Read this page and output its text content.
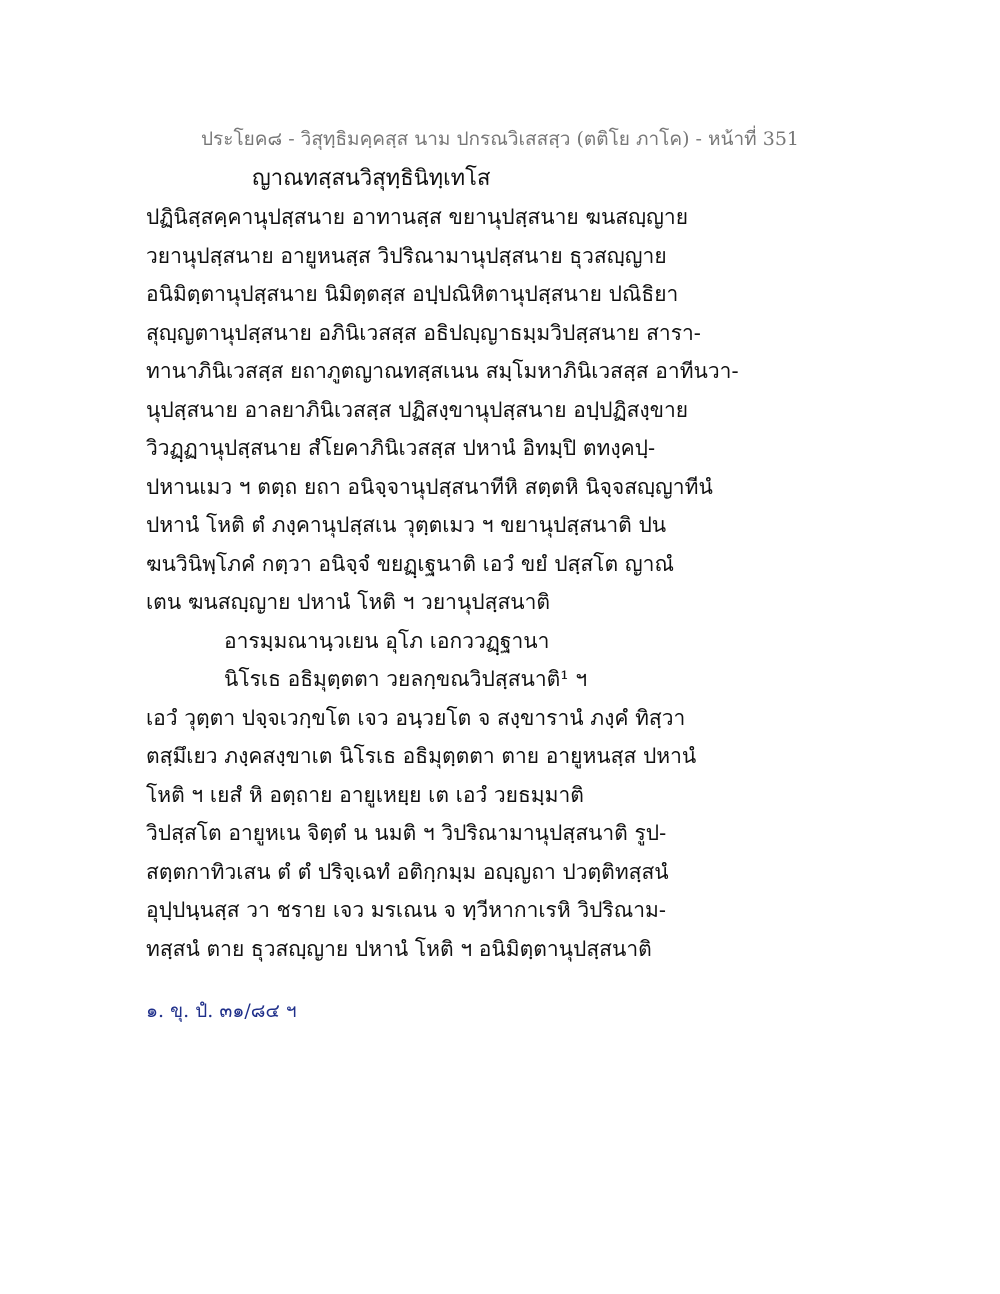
ประโยค๘ - วิสุทฺธิมคฺคสฺส นาม ปกรณวิเสสสฺว (ตติโย ภาโค) - หน้าที่ 351
ญาณทสฺสนวิสุทฺธินิทฺเทโส
ปฏินิสฺสคฺคานุปสฺสนาย อาทานสฺส ขยานุปสฺสนาย ฆนสญฺญาย
วยานุปสฺสนาย อายูหนสฺส วิปริณามานุปสฺสนาย ธุวสญฺญาย
อนิมิตฺตานุปสฺสนาย นิมิตฺตสฺส อปฺปณิหิตานุปสฺสนาย ปณิธิยา
สุญฺญตานุปสฺสนาย อภินิเวสสฺส อธิปญฺญาธมฺมวิปสฺสนาย สารา-
ทานาภินิเวสสฺส ยถาภูตญาณทสฺสเนน สมฺโมหาภินิเวสสฺส อาทีนวา-
นุปสฺสนาย อาลยาภินิเวสสฺส ปฏิสงฺขานุปสฺสนาย อปฺปฏิสงฺขาย
วิวฏฺฏานุปสฺสนาย สํโยคาภินิเวสสฺส ปหานํ อิทมฺปิ ตทงฺคปฺ-
ปหานเมว ฯ ตตฺถ ยถา อนิจฺจานุปสฺสนาทีหิ สตฺตหิ นิจฺจสญฺญาทีนํ
ปหานํ โหติ ตํ ภงฺคานุปสฺสเน วุตฺตเมว ฯ ขยานุปสฺสนาติ ปน
ฆนวินิพฺโภคํ กตฺวา อนิจฺจํ ขยฏฺเฐนาติ เอวํ ขยํ ปสฺสโต ญาณํ
เตน ฆนสญฺญาย ปหานํ โหติ ฯ วยานุปสฺสนาติ
อารมฺมณานฺวเยน อุโภ เอกววฏฺฐานา
นิโรเธ อธิมุตฺตตา วยลกฺขณวิปสฺสนาติ¹ ฯ
เอวํ วุตฺตา ปจฺจเวกฺขโต เจว อนฺวยโต จ สงฺขารานํ ภงฺคํ ทิสฺวา
ตสฺมึเยว ภงฺคสงฺขาเต นิโรเธ อธิมุตฺตตา ตาย อายูหนสฺส ปหานํ
โหติ ฯ เยสํ หิ อตฺถาย อายูเหยฺย เต เอวํ วยธมฺมาติ
วิปสฺสโต อายูหเน จิตฺตํ น นมติ ฯ วิปริณามานุปสฺสนาติ รูป-
สตฺตกาทิวเสน ตํ ตํ ปริจฺเฉทํ อติกฺกมฺม อญฺญถา ปวตฺติทสฺสนํ
อุปฺปนฺนสฺส วา ชราย เจว มรเณน จ ทฺวีหากาเรหิ วิปริณาม-
ทสฺสนํ ตาย ธุวสญฺญาย ปหานํ โหติ ฯ อนิมิตฺตานุปสฺสนาติ
๑. ขุ. ปํ. ๓๑/๘๔ ฯ
